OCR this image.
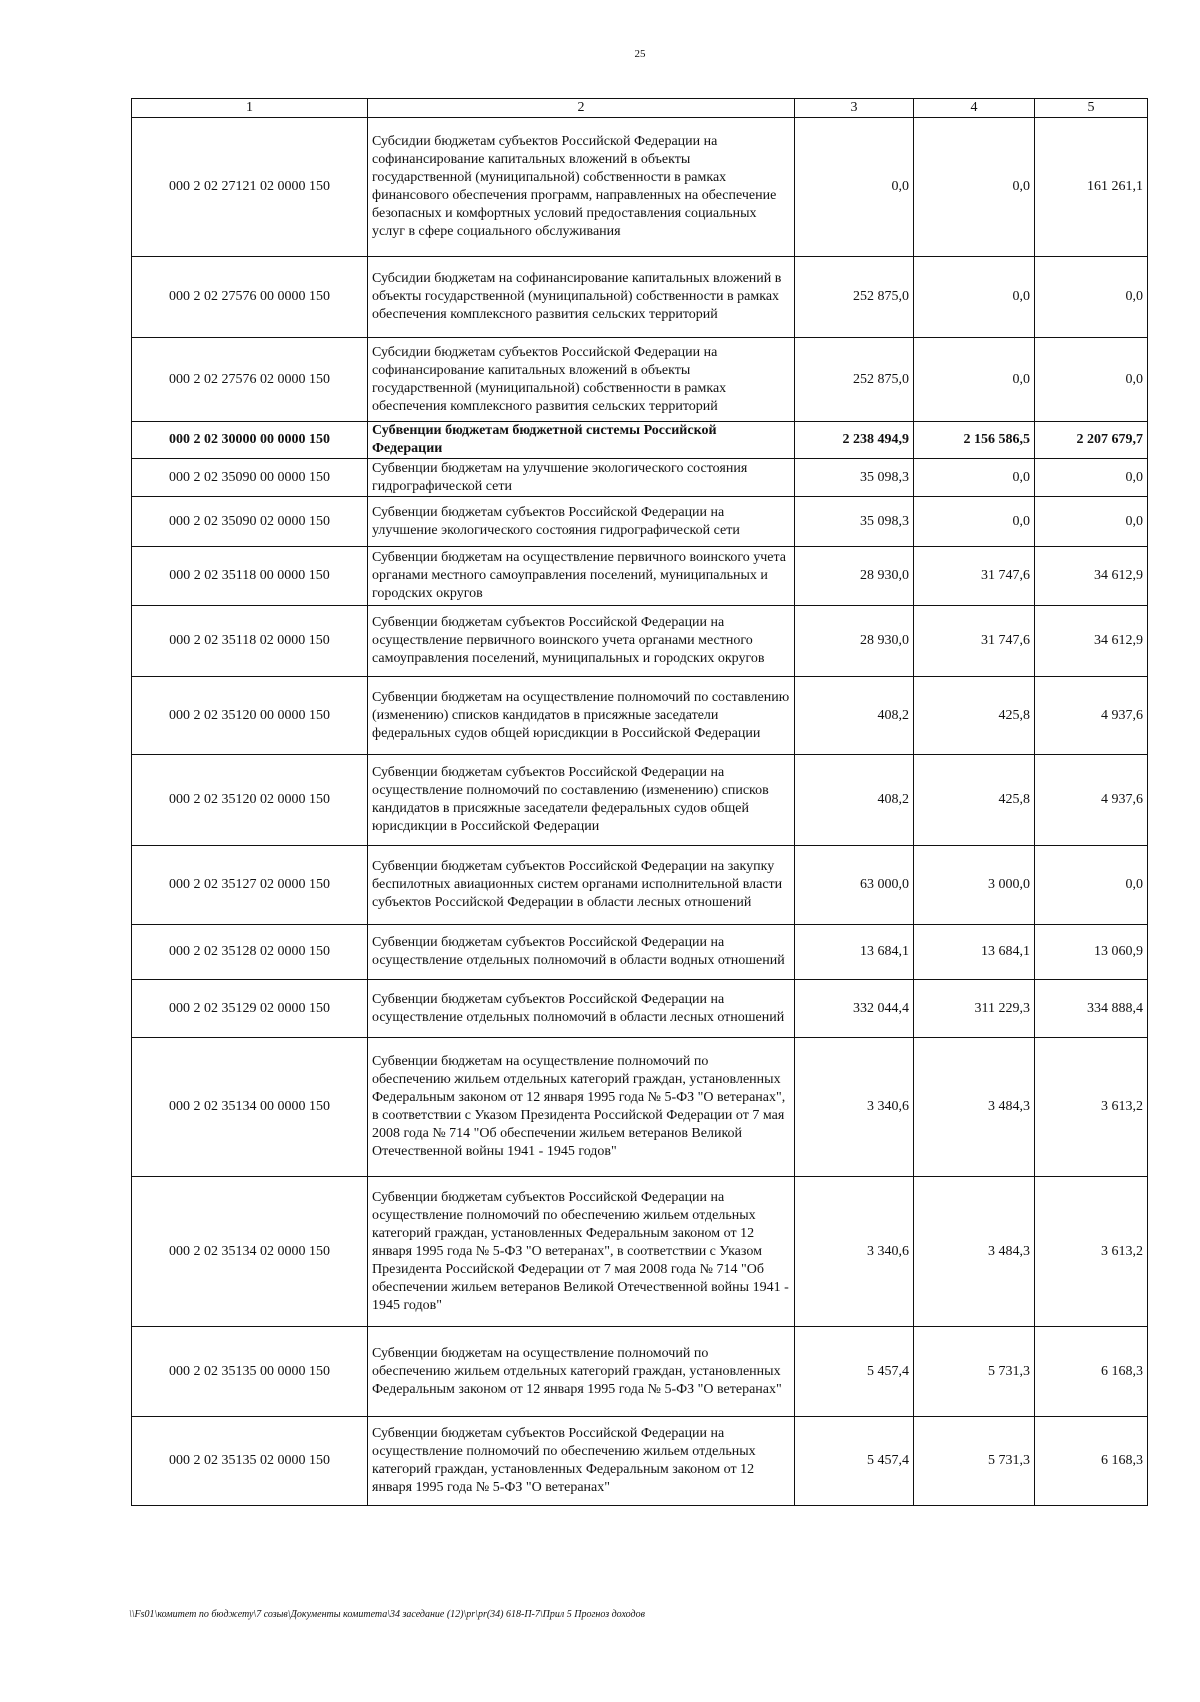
25
1	2	3	4	5
000 2 02 27121 02 0000 150	Субсидии бюджетам субъектов Российской Федерации на софинансирование капитальных вложений в объекты государственной (муниципальной) собственности в рамках финансового обеспечения программ, направленных на обеспечение безопасных и комфортных условий предоставления социальных услуг в сфере социального обслуживания	0,0	0,0	161 261,1
000 2 02 27576 00 0000 150	Субсидии бюджетам на софинансирование капитальных вложений в объекты государственной (муниципальной) собственности в рамках обеспечения комплексного развития сельских территорий	252 875,0	0,0	0,0
000 2 02 27576 02 0000 150	Субсидии бюджетам субъектов Российской Федерации на софинансирование капитальных вложений в объекты государственной (муниципальной) собственности в рамках обеспечения комплексного развития сельских территорий	252 875,0	0,0	0,0
000 2 02 30000 00 0000 150	Субвенции бюджетам бюджетной системы Российской Федерации	2 238 494,9	2 156 586,5	2 207 679,7
000 2 02 35090 00 0000 150	Субвенции бюджетам на улучшение экологического состояния гидрографической сети	35 098,3	0,0	0,0
000 2 02 35090 02 0000 150	Субвенции бюджетам субъектов Российской Федерации на улучшение экологического состояния гидрографической сети	35 098,3	0,0	0,0
000 2 02 35118 00 0000 150	Субвенции бюджетам на осуществление первичного воинского учета органами местного самоуправления поселений, муниципальных и городских округов	28 930,0	31 747,6	34 612,9
000 2 02 35118 02 0000 150	Субвенции бюджетам субъектов Российской Федерации на осуществление первичного воинского учета органами местного самоуправления поселений, муниципальных и городских округов	28 930,0	31 747,6	34 612,9
000 2 02 35120 00 0000 150	Субвенции бюджетам на осуществление полномочий по составлению (изменению) списков кандидатов в присяжные заседатели федеральных судов общей юрисдикции в Российской Федерации	408,2	425,8	4 937,6
000 2 02 35120 02 0000 150	Субвенции бюджетам субъектов Российской Федерации на осуществление полномочий по составлению (изменению) списков кандидатов в присяжные заседатели федеральных судов общей юрисдикции в Российской Федерации	408,2	425,8	4 937,6
000 2 02 35127 02 0000 150	Субвенции бюджетам субъектов Российской Федерации на закупку беспилотных авиационных систем органами исполнительной власти субъектов Российской Федерации в области лесных отношений	63 000,0	3 000,0	0,0
000 2 02 35128 02 0000 150	Субвенции бюджетам субъектов Российской Федерации на осуществление отдельных полномочий в области водных отношений	13 684,1	13 684,1	13 060,9
000 2 02 35129 02 0000 150	Субвенции бюджетам субъектов Российской Федерации на осуществление отдельных полномочий в области лесных отношений	332 044,4	311 229,3	334 888,4
000 2 02 35134 00 0000 150	Субвенции бюджетам на осуществление полномочий по обеспечению жильем отдельных категорий граждан, установленных Федеральным законом от 12 января 1995 года № 5-ФЗ "О ветеранах", в соответствии с Указом Президента Российской Федерации от 7 мая 2008 года № 714 "Об обеспечении жильем ветеранов Великой Отечественной войны 1941 - 1945 годов"	3 340,6	3 484,3	3 613,2
000 2 02 35134 02 0000 150	Субвенции бюджетам субъектов Российской Федерации на осуществление полномочий по обеспечению жильем отдельных категорий граждан, установленных Федеральным законом от 12 января 1995 года № 5-ФЗ "О ветеранах", в соответствии с Указом Президента Российской Федерации от 7 мая 2008 года № 714 "Об обеспечении жильем ветеранов Великой Отечественной войны 1941 - 1945 годов"	3 340,6	3 484,3	3 613,2
000 2 02 35135 00 0000 150	Субвенции бюджетам на осуществление полномочий по обеспечению жильем отдельных категорий граждан, установленных Федеральным законом от 12 января 1995 года № 5-ФЗ "О ветеранах"	5 457,4	5 731,3	6 168,3
000 2 02 35135 02 0000 150	Субвенции бюджетам субъектов Российской Федерации на осуществление полномочий по обеспечению жильем отдельных категорий граждан, установленных Федеральным законом от 12 января 1995 года № 5-ФЗ "О ветеранах"	5 457,4	5 731,3	6 168,3
\\Fs01\комитет по бюджету\7 созыв\Документы комитета\34 заседание (12)\pr\pr(34) 618-П-7\Прил 5 Прогноз доходов
